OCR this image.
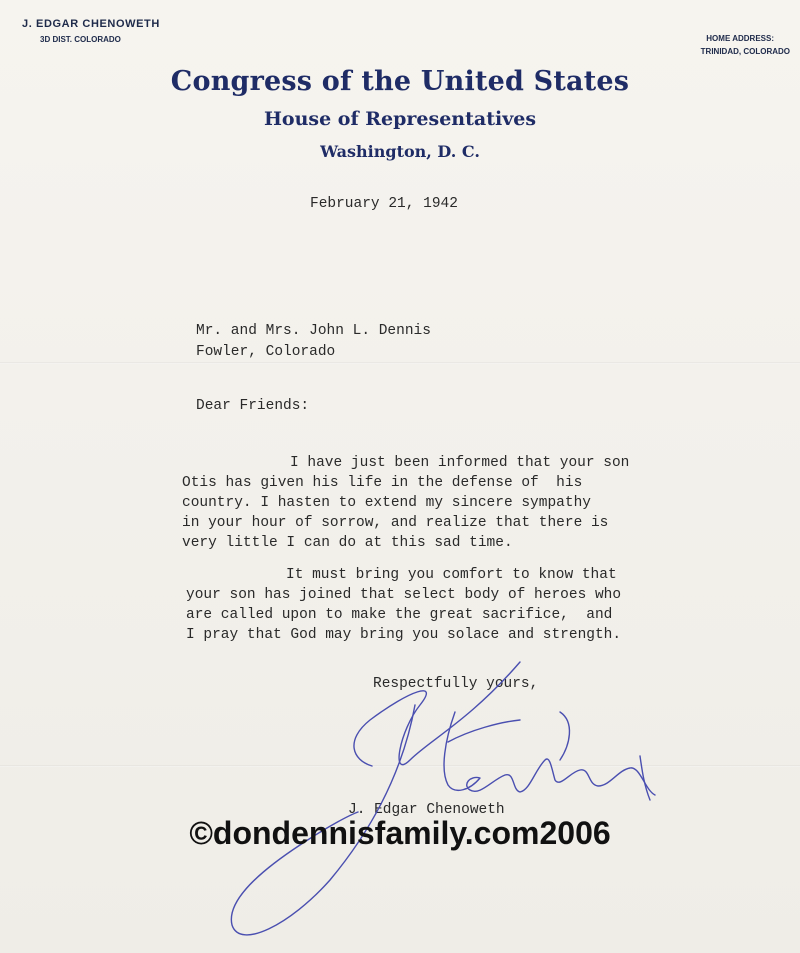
J. EDGAR CHENOWETH
3D DIST. COLORADO	HOME ADDRESS:
TRINIDAD, COLORADO
Congress of the United States
House of Representatives
Washington, D. C.
February 21, 1942
Mr. and Mrs. John L. Dennis
Fowler, Colorado
Dear Friends:
I have just been informed that your son
Otis has given his life in the defense of  his
country. I hasten to extend my sincere sympathy
in your hour of sorrow, and realize that there is
very little I can do at this sad time.
It must bring you comfort to know that
your son has joined that select body of heroes who
are called upon to make the great sacrifice,  and
I pray that God may bring you solace and strength.
Respectfully yours,
J. Edgar Chenoweth
©dondennisfamily.com2006
